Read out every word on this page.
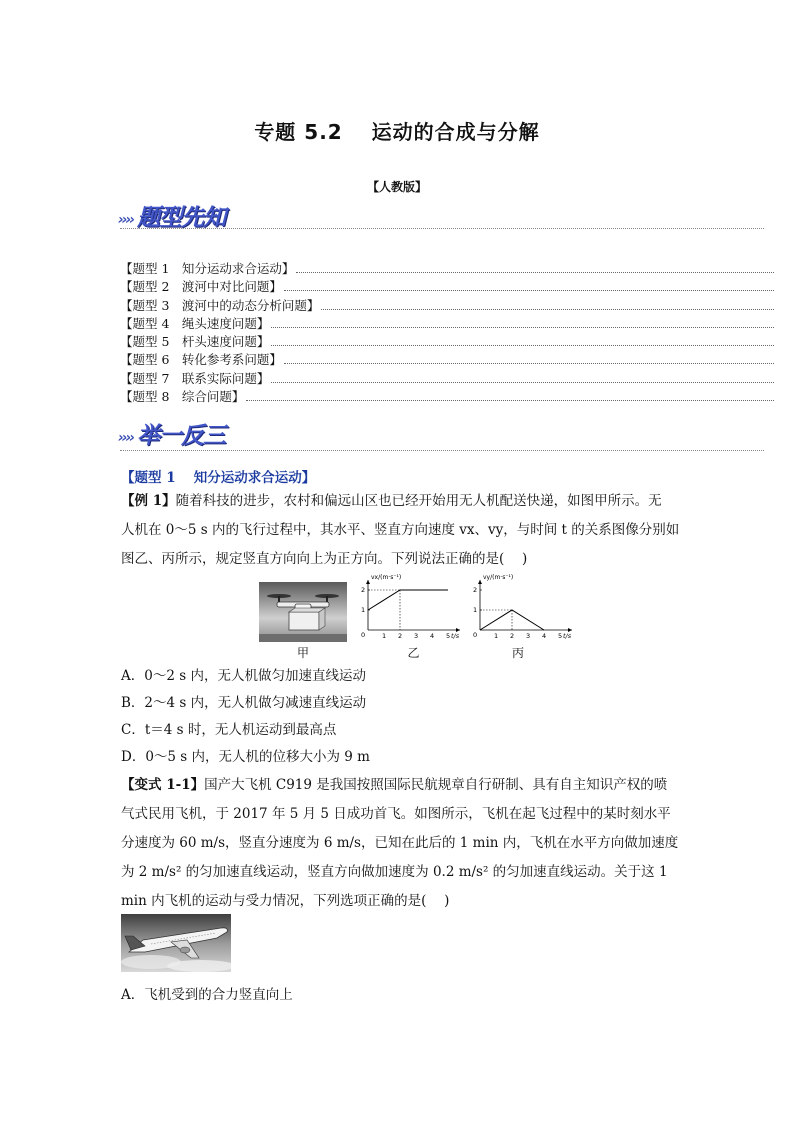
专题 5.2　 运动的合成与分解
【人教版】
›››› 题型先知
【题型 1　知分运动求合运动】
【题型 2　渡河中对比问题】
【题型 3　渡河中的动态分析问题】
【题型 4　绳头速度问题】
【题型 5　杆头速度问题】
【题型 6　转化参考系问题】
【题型 7　联系实际问题】
【题型 8　综合问题】
›››› 举一反三
【题型 1　 知分运动求合运动】
【例 1】随着科技的进步，农村和偏远山区也已经开始用无人机配送快递，如图甲所示。无
人机在 0～5 s 内的飞行过程中，其水平、竖直方向速度 vx、vy，与时间 t 的关系图像分别如
图乙、丙所示，规定竖直方向向上为正方向。下列说法正确的是(　 )
甲
vx/(m·s⁻¹)
t/s
0	1 2 3 4 5
1
2
乙
vy/(m·s⁻¹)
t/s
0	1 2 3 4 5
1
2
丙
A．0～2 s 内，无人机做匀加速直线运动
B．2～4 s 内，无人机做匀减速直线运动
C．t＝4 s 时，无人机运动到最高点
D．0～5 s 内，无人机的位移大小为 9 m
【变式 1-1】国产大飞机 C919 是我国按照国际民航规章自行研制、具有自主知识产权的喷
气式民用飞机，于 2017 年 5 月 5 日成功首飞。如图所示，飞机在起飞过程中的某时刻水平
分速度为 60 m/s，竖直分速度为 6 m/s，已知在此后的 1 min 内，飞机在水平方向做加速度
为 2 m/s² 的匀加速直线运动，竖直方向做加速度为 0.2 m/s² 的匀加速直线运动。关于这 1
min 内飞机的运动与受力情况，下列选项正确的是(　 )
A．飞机受到的合力竖直向上
